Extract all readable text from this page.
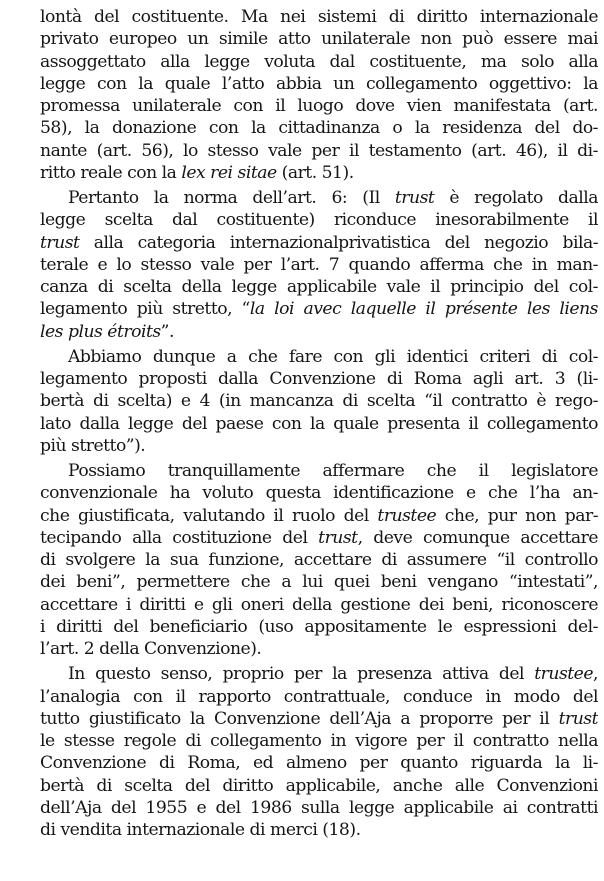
lontà del costituente. Ma nei sistemi di diritto internazionale
privato europeo un simile atto unilaterale non può essere mai
assoggettato alla legge voluta dal costituente, ma solo alla
legge con la quale l’atto abbia un collegamento oggettivo: la
promessa unilaterale con il luogo dove vien manifestata (art.
58), la donazione con la cittadinanza o la residenza del do-
nante (art. 56), lo stesso vale per il testamento (art. 46), il di-
ritto reale con la lex rei sitae (art. 51).

Pertanto la norma dell’art. 6: (Il trust è regolato dalla
legge scelta dal costituente) riconduce inesorabilmente il
trust alla categoria internazionalprivatistica del negozio bila-
terale e lo stesso vale per l’art. 7 quando afferma che in man-
canza di scelta della legge applicabile vale il principio del col-
legamento più stretto, “la loi avec laquelle il présente les liens
les plus étroits”.

Abbiamo dunque a che fare con gli identici criteri di col-
legamento proposti dalla Convenzione di Roma agli art. 3 (li-
bertà di scelta) e 4 (in mancanza di scelta “il contratto è rego-
lato dalla legge del paese con la quale presenta il collegamento
più stretto”).

Possiamo tranquillamente affermare che il legislatore
convenzionale ha voluto questa identificazione e che l’ha an-
che giustificata, valutando il ruolo del trustee che, pur non par-
tecipando alla costituzione del trust, deve comunque accettare
di svolgere la sua funzione, accettare di assumere “il controllo
dei beni”, permettere che a lui quei beni vengano “intestati”,
accettare i diritti e gli oneri della gestione dei beni, riconoscere
i diritti del beneficiario (uso appositamente le espressioni del-
l’art. 2 della Convenzione).

In questo senso, proprio per la presenza attiva del trustee,
l’analogia con il rapporto contrattuale, conduce in modo del
tutto giustificato la Convenzione dell’Aja a proporre per il trust
le stesse regole di collegamento in vigore per il contratto nella
Convenzione di Roma, ed almeno per quanto riguarda la li-
bertà di scelta del diritto applicabile, anche alle Convenzioni
dell’Aja del 1955 e del 1986 sulla legge applicabile ai contratti
di vendita internazionale di merci (18).
